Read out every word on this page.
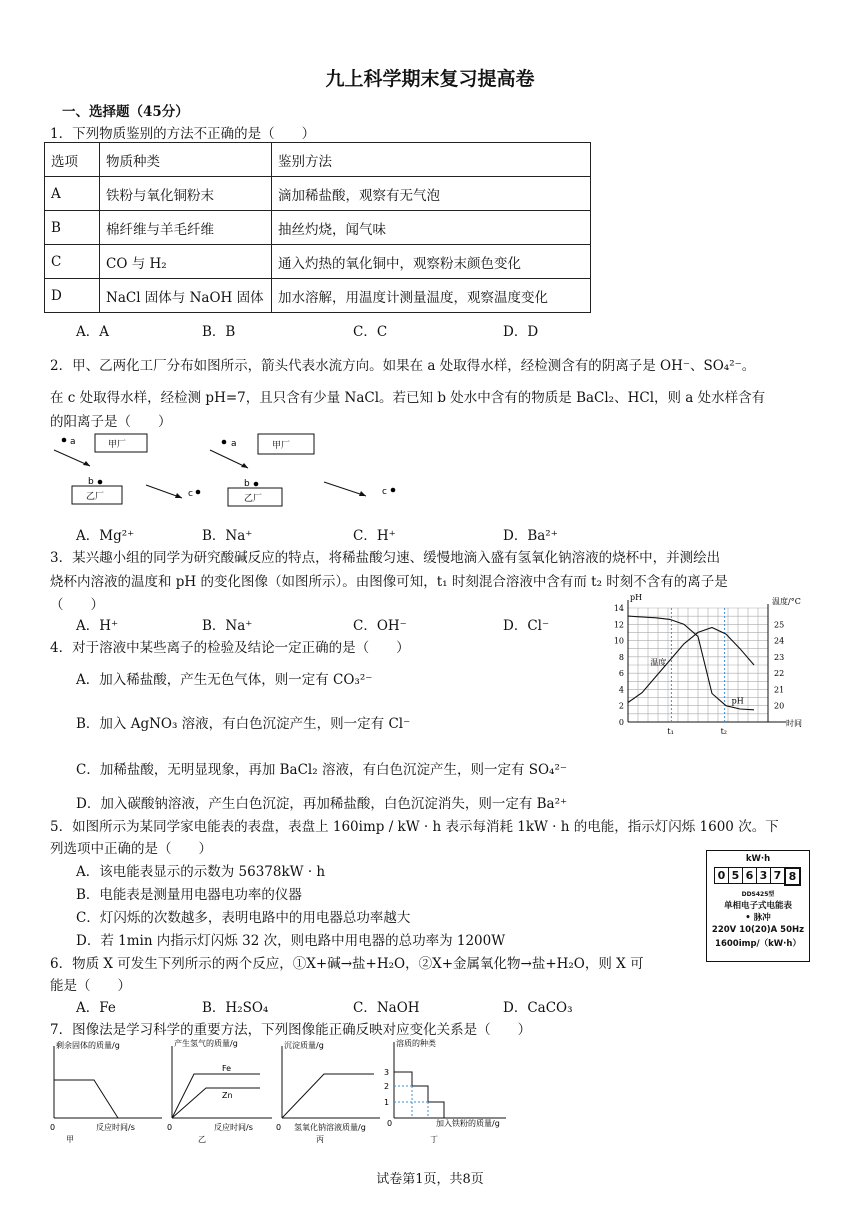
九上科学期末复习提高卷
一、选择题（45分）
1．下列物质鉴别的方法不正确的是（　　）
选项	物质种类	鉴别方法
A	铁粉与氧化铜粉末	滴加稀盐酸，观察有无气泡
B	棉纤维与羊毛纤维	抽丝灼烧，闻气味
C	CO 与 H₂	通入灼热的氧化铜中，观察粉末颜色变化
D	NaCl 固体与 NaOH 固体	加水溶解，用温度计测量温度，观察温度变化
A．A	B．B	C．C	D．D
2．甲、乙两化工厂分布如图所示，箭头代表水流方向。如果在 a 处取得水样，经检测含有的阴离子是 OH⁻、SO₄²⁻。
在 c 处取得水样，经检测 pH=7，且只含有少量 NaCl。若已知 b 处水中含有的物质是 BaCl₂、HCl，则 a 处水样含有
的阳离子是（　　）
a	甲厂
b
乙厂	c
a	甲厂
b
乙厂
c
A．Mg²⁺	B．Na⁺	C．H⁺	D．Ba²⁺
3．某兴趣小组的同学为研究酸碱反应的特点，将稀盐酸匀速、缓慢地滴入盛有氢氧化钠溶液的烧杯中，并测绘出
烧杯内溶液的温度和 pH 的变化图像（如图所示）。由图像可知，t₁ 时刻混合溶液中含有而 t₂ 时刻不含有的离子是
（　　）
A．H⁺	B．Na⁺	C．OH⁻	D．Cl⁻
0
2
4
6
8
10
12
14
20
21
22
23
24
25
pH	温度/°C
时间
t₁	t₂
pH
温度
4．对于溶液中某些离子的检验及结论一定正确的是（　　）
A．加入稀盐酸，产生无色气体，则一定有 CO₃²⁻
B．加入 AgNO₃ 溶液，有白色沉淀产生，则一定有 Cl⁻
C．加稀盐酸，无明显现象，再加 BaCl₂ 溶液，有白色沉淀产生，则一定有 SO₄²⁻
D．加入碳酸钠溶液，产生白色沉淀，再加稀盐酸，白色沉淀消失，则一定有 Ba²⁺
5．如图所示为某同学家电能表的表盘，表盘上 160imp / kW · h 表示每消耗 1kW · h 的电能，指示灯闪烁 1600 次。下
列选项中正确的是（　　）
A．该电能表显示的示数为 56378kW · h
B．电能表是测量用电器电功率的仪器
C．灯闪烁的次数越多，表明电路中的用电器总功率越大
D．若 1min 内指示灯闪烁 32 次，则电路中用电器的总功率为 1200W
kW·h
0 5 6 3 7 8
DDS425型
单相电子式电能表
• 脉冲
220V 10(20)A 50Hz
1600imp/（kW·h）
6．物质 X 可发生下列所示的两个反应，①X+碱→盐+H₂O，②X+金属氧化物→盐+H₂O，则 X 可
能是（　　）
A．Fe	B．H₂SO₄	C．NaOH	D．CaCO₃
7．图像法是学习科学的重要方法，下列图像能正确反映对应变化关系是（　　）
剩余固体的质量/g
反应时间/s
0
甲
产生氢气的质量/g
Fe
Zn
反应时间/s
0
乙
沉淀质量/g
氢氧化钠溶液质量/g
0
丙
溶质的种类
3
2
1
加入铁粉的质量/g
0
丁
试卷第1页，共8页
